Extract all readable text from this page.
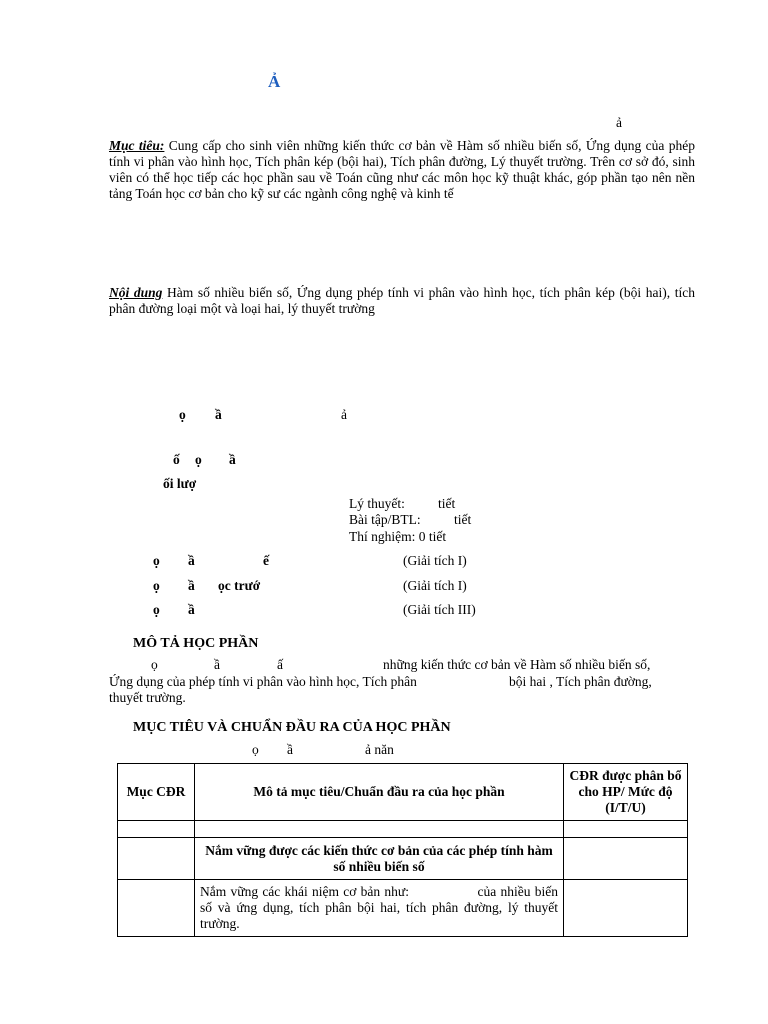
Ả
ả
Mục tiêu: Cung cấp cho sinh viên những kiến thức cơ bản về Hàm số nhiều biến số, Ứng dụng của phép tính vi phân vào hình học, Tích phân kép (bội hai), Tích phân đường, Lý thuyết trường. Trên cơ sở đó, sinh viên có thể học tiếp các học phần sau về Toán cũng như các môn học kỹ thuật khác, góp phần tạo nên nền tảng Toán học cơ bản cho kỹ sư các ngành công nghệ và kinh tế
Nội dung Hàm số nhiều biến số, Ứng dụng phép tính vi phân vào hình học, tích phân kép (bội hai), tích phân đường loại một và loại hai, lý thuyết trường
ọ ầ	ả
ố ọ ầ
ối lượ
Lý thuyết: tiết
Bài tập/BTL: tiết
Thí nghiệm: 0 tiết
ọ ầ	ế	(Giải tích I)
ọ ầ ọc trướ	(Giải tích I)
ọ ầ	(Giải tích III)
MÔ TẢ HỌC PHẦN
ọ	ầ	ấ	những kiến thức cơ bản về Hàm số nhiều biến số,
Ứng dụng của phép tính vi phân vào hình học, Tích phân	bội hai , Tích phân đường,
thuyết trường.
MỤC TIÊU VÀ CHUẨN ĐẦU RA CỦA HỌC PHẦN
ọ ầ	ả năn
Mục CĐR	Mô tả mục tiêu/Chuẩn đầu ra của học phần	CĐR được phân bổ cho HP/ Mức độ (I/T/U)

	Nắm vững được các kiến thức cơ bản của các phép tính hàm số nhiều biến số	
	Nắm vững các khái niệm cơ bản như: của nhiều biến số và ứng dụng, tích phân bội hai, tích phân đường, lý thuyết trường.	
